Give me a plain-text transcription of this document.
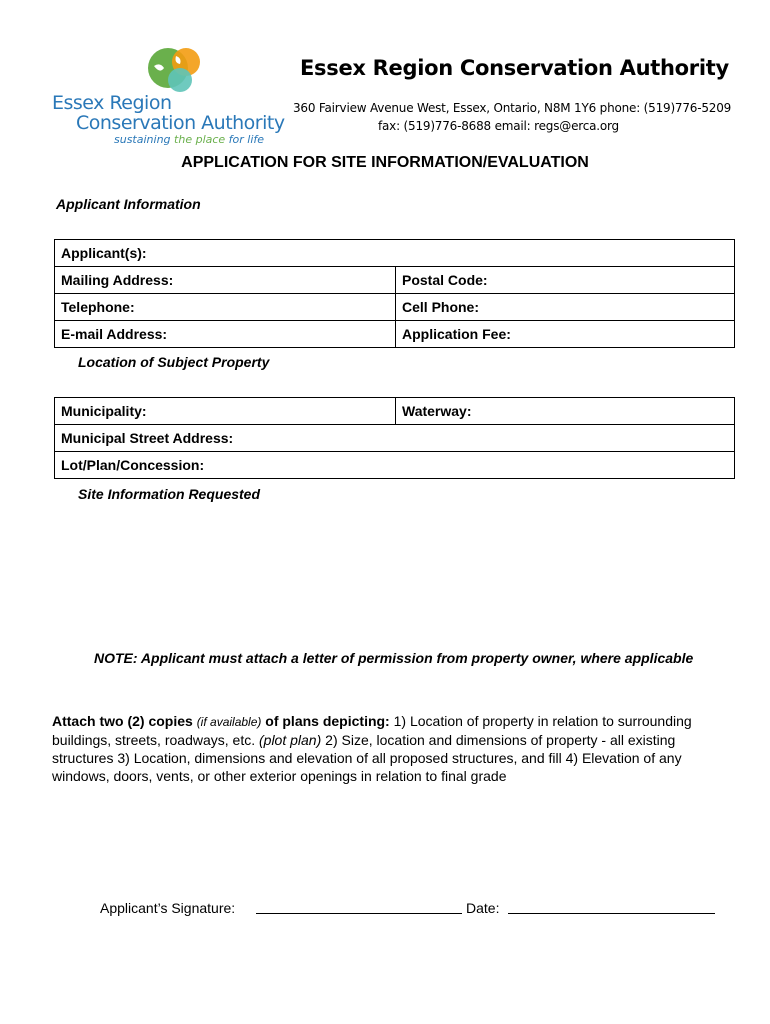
Essex Region
Conservation Authority
sustaining the place for life
Essex Region Conservation Authority
360 Fairview Avenue West, Essex, Ontario, N8M 1Y6 phone: (519)776-5209
fax: (519)776-8688 email: regs@erca.org
APPLICATION FOR SITE INFORMATION/EVALUATION
Applicant Information
Applicant(s):	
Mailing Address:	Postal Code:
Telephone:	Cell Phone:
E-mail Address:	Application Fee:
Location of Subject Property
Municipality:	Waterway:
Municipal Street Address:
Lot/Plan/Concession:
Site Information Requested
NOTE: Applicant must attach a letter of permission from property owner, where applicable
Attach two (2) copies (if available) of plans depicting: 1) Location of property in relation to surrounding buildings, streets, roadways, etc. (plot plan) 2) Size, location and dimensions of property - all existing structures 3) Location, dimensions and elevation of all proposed structures, and fill 4) Elevation of any windows, doors, vents, or other exterior openings in relation to final grade
Applicant’s Signature:	Date:
